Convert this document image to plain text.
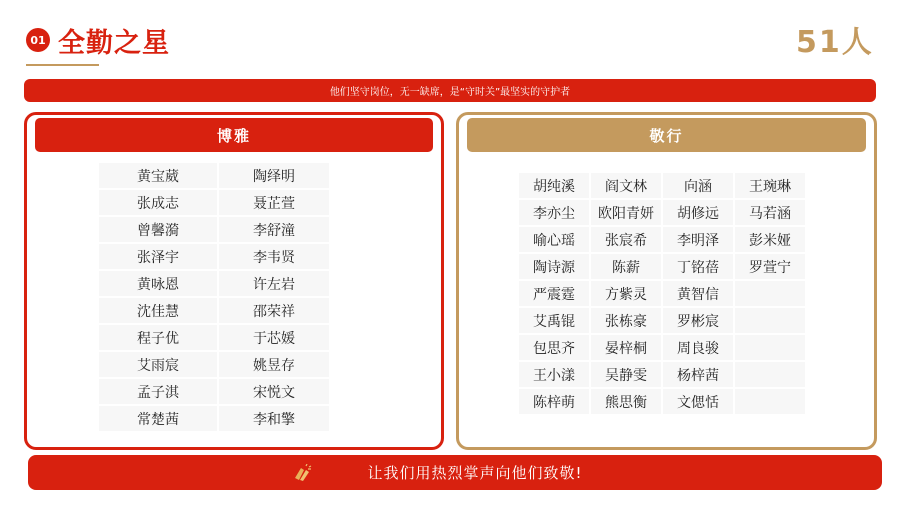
01 全勤之星	51人
他们坚守岗位，无一缺席，是“守时关”最坚实的守护者
博雅
黄宝葳	陶绎明
张成志	聂芷萱
曾馨漪	李舒潼
张泽宇	李韦贤
黄咏恩	许左岩
沈佳慧	邵荣祥
程子优	于芯媛
艾雨宸	姚昱存
孟子淇	宋悦文
常楚茜	李和擎
敬行
胡纯溪	阎文林	向涵	王琬琳
李亦尘	欧阳青妍	胡修远	马若涵
喻心瑶	张宸希	李明泽	彭米娅
陶诗源	陈薪	丁铭蓓	罗萱宁
严震霆	方紫灵	黄智信
艾禹锟	张栋豪	罗彬宸
包思齐	晏梓桐	周良骏
王小漾	吴静雯	杨梓茜
陈梓萌	熊思衡	文偲恬
让我们用热烈掌声向他们致敬!
